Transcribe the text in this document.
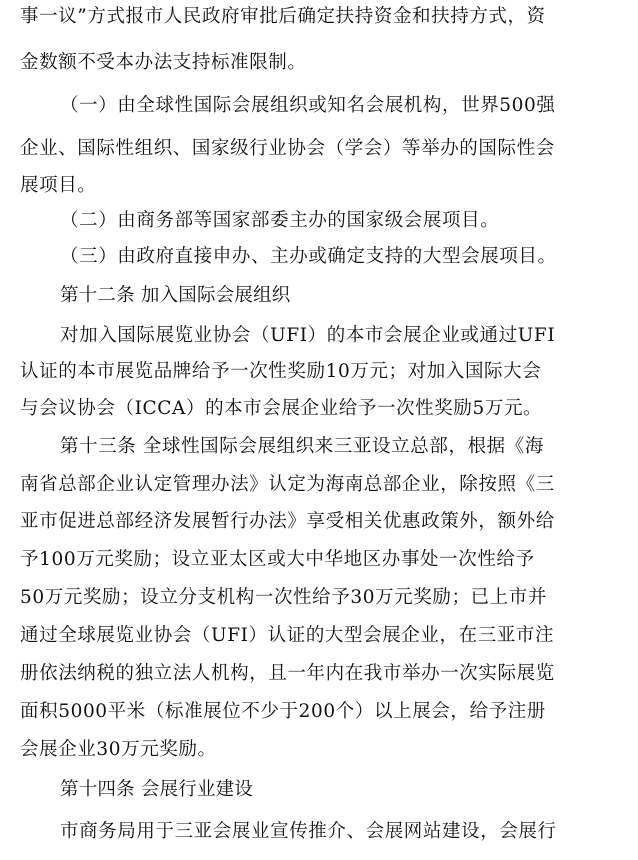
事一议”方式报市人民政府审批后确定扶持资金和扶持方式，资
金数额不受本办法支持标准限制。
（一）由全球性国际会展组织或知名会展机构，世界500强
企业、国际性组织、国家级行业协会（学会）等举办的国际性会
展项目。
（二）由商务部等国家部委主办的国家级会展项目。
（三）由政府直接申办、主办或确定支持的大型会展项目。
第十二条 加入国际会展组织
对加入国际展览业协会（UFI）的本市会展企业或通过UFI
认证的本市展览品牌给予一次性奖励10万元；对加入国际大会
与会议协会（ICCA）的本市会展企业给予一次性奖励5万元。
第十三条 全球性国际会展组织来三亚设立总部，根据《海
南省总部企业认定管理办法》认定为海南总部企业，除按照《三
亚市促进总部经济发展暂行办法》享受相关优惠政策外，额外给
予100万元奖励；设立亚太区或大中华地区办事处一次性给予
50万元奖励；设立分支机构一次性给予30万元奖励；已上市并
通过全球展览业协会（UFI）认证的大型会展企业，在三亚市注
册依法纳税的独立法人机构，且一年内在我市举办一次实际展览
面积5000平米（标准展位不少于200个）以上展会，给予注册
会展企业30万元奖励。
第十四条 会展行业建设
市商务局用于三亚会展业宣传推介、会展网站建设，会展行
